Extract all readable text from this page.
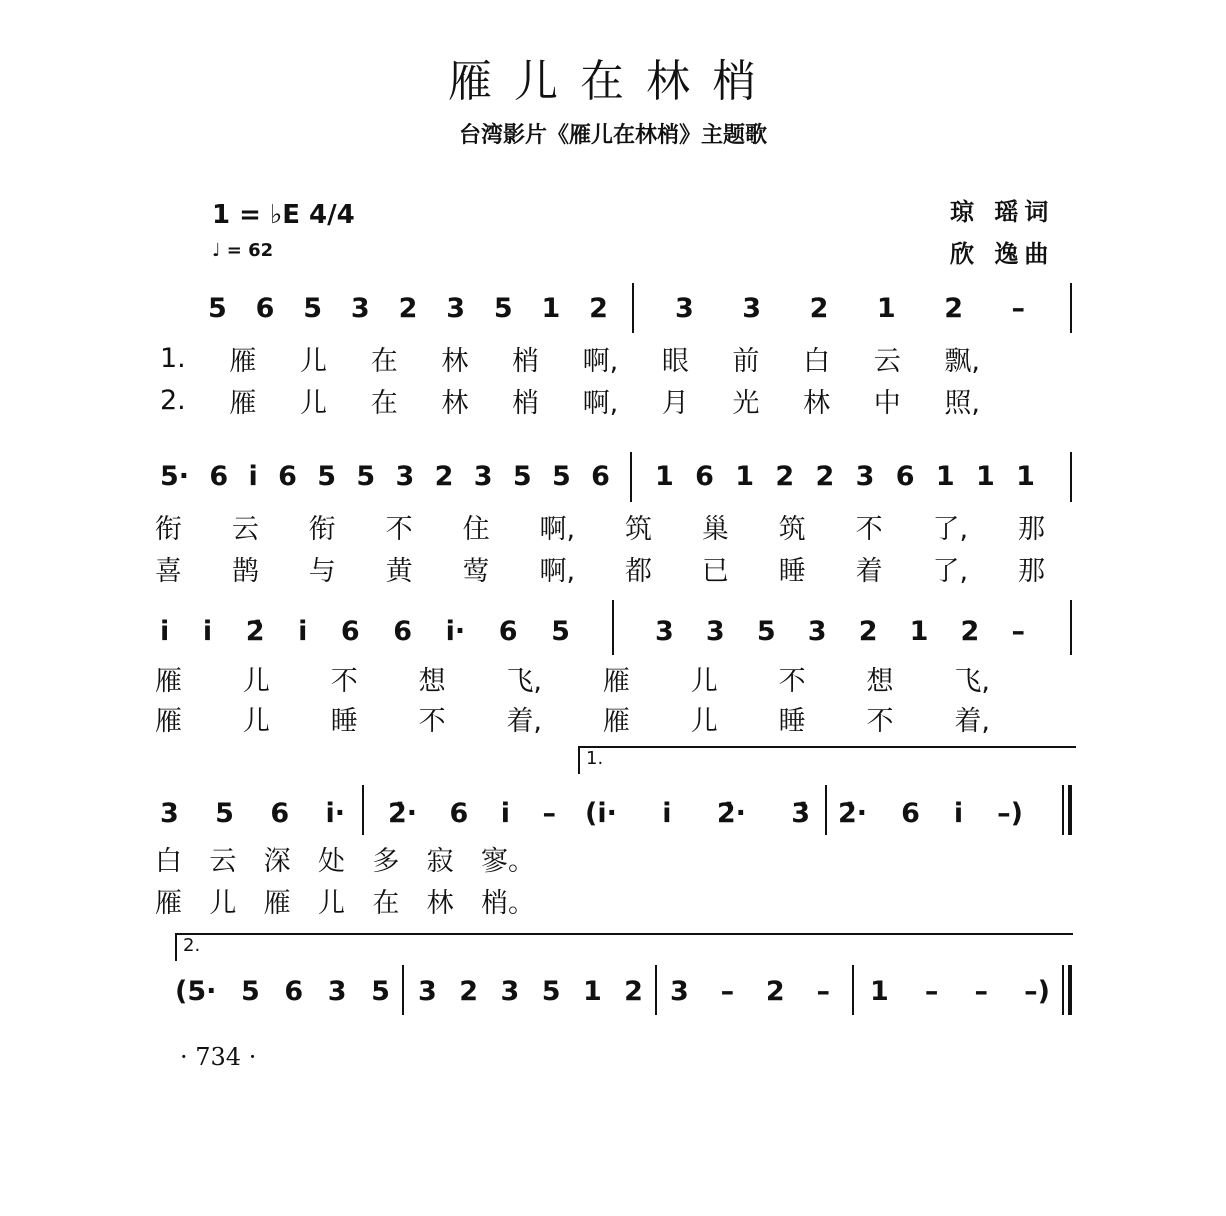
雁儿在林梢
台湾影片《雁儿在林梢》主题歌
1 = ♭E 4/4
♩ = 62
琼 瑶词
欣 逸曲
5 6 5 3 2 3 5 1 2 3 3 2 1 2 –
1. 雁 儿 在 林 梢 啊, 眼 前 白 云 飘,
2. 雁 儿 在 林 梢 啊, 月 光 林 中 照,
5· 6 i 6 5 5 3 2 3 5 5 6 1 6 1 2 2 3 6 1 1 1
衔 云 衔 不 住 啊, 筑 巢 筑 不 了, 那
喜 鹊 与 黄 莺 啊, 都 已 睡 着 了, 那
i i 2̇ i 6 6 i· 6 5	3 3 5 3 2 1 2 –
雁 儿 不 想 飞, 雁 儿 不 想 飞,
雁 儿 睡 不 着, 雁 儿 睡 不 着,
1.
3 5 6 i· 2̇· 6 i – (i· i 2̇· 3̇ 2̇· 6 i –)
白 云 深 处 多 寂 寥。
雁 儿 雁 儿 在 林 梢。
2.
(5· 5 6 3 5 3 2 3 5 1 2 3 – 2 – 1 – – –)
· 734 ·
